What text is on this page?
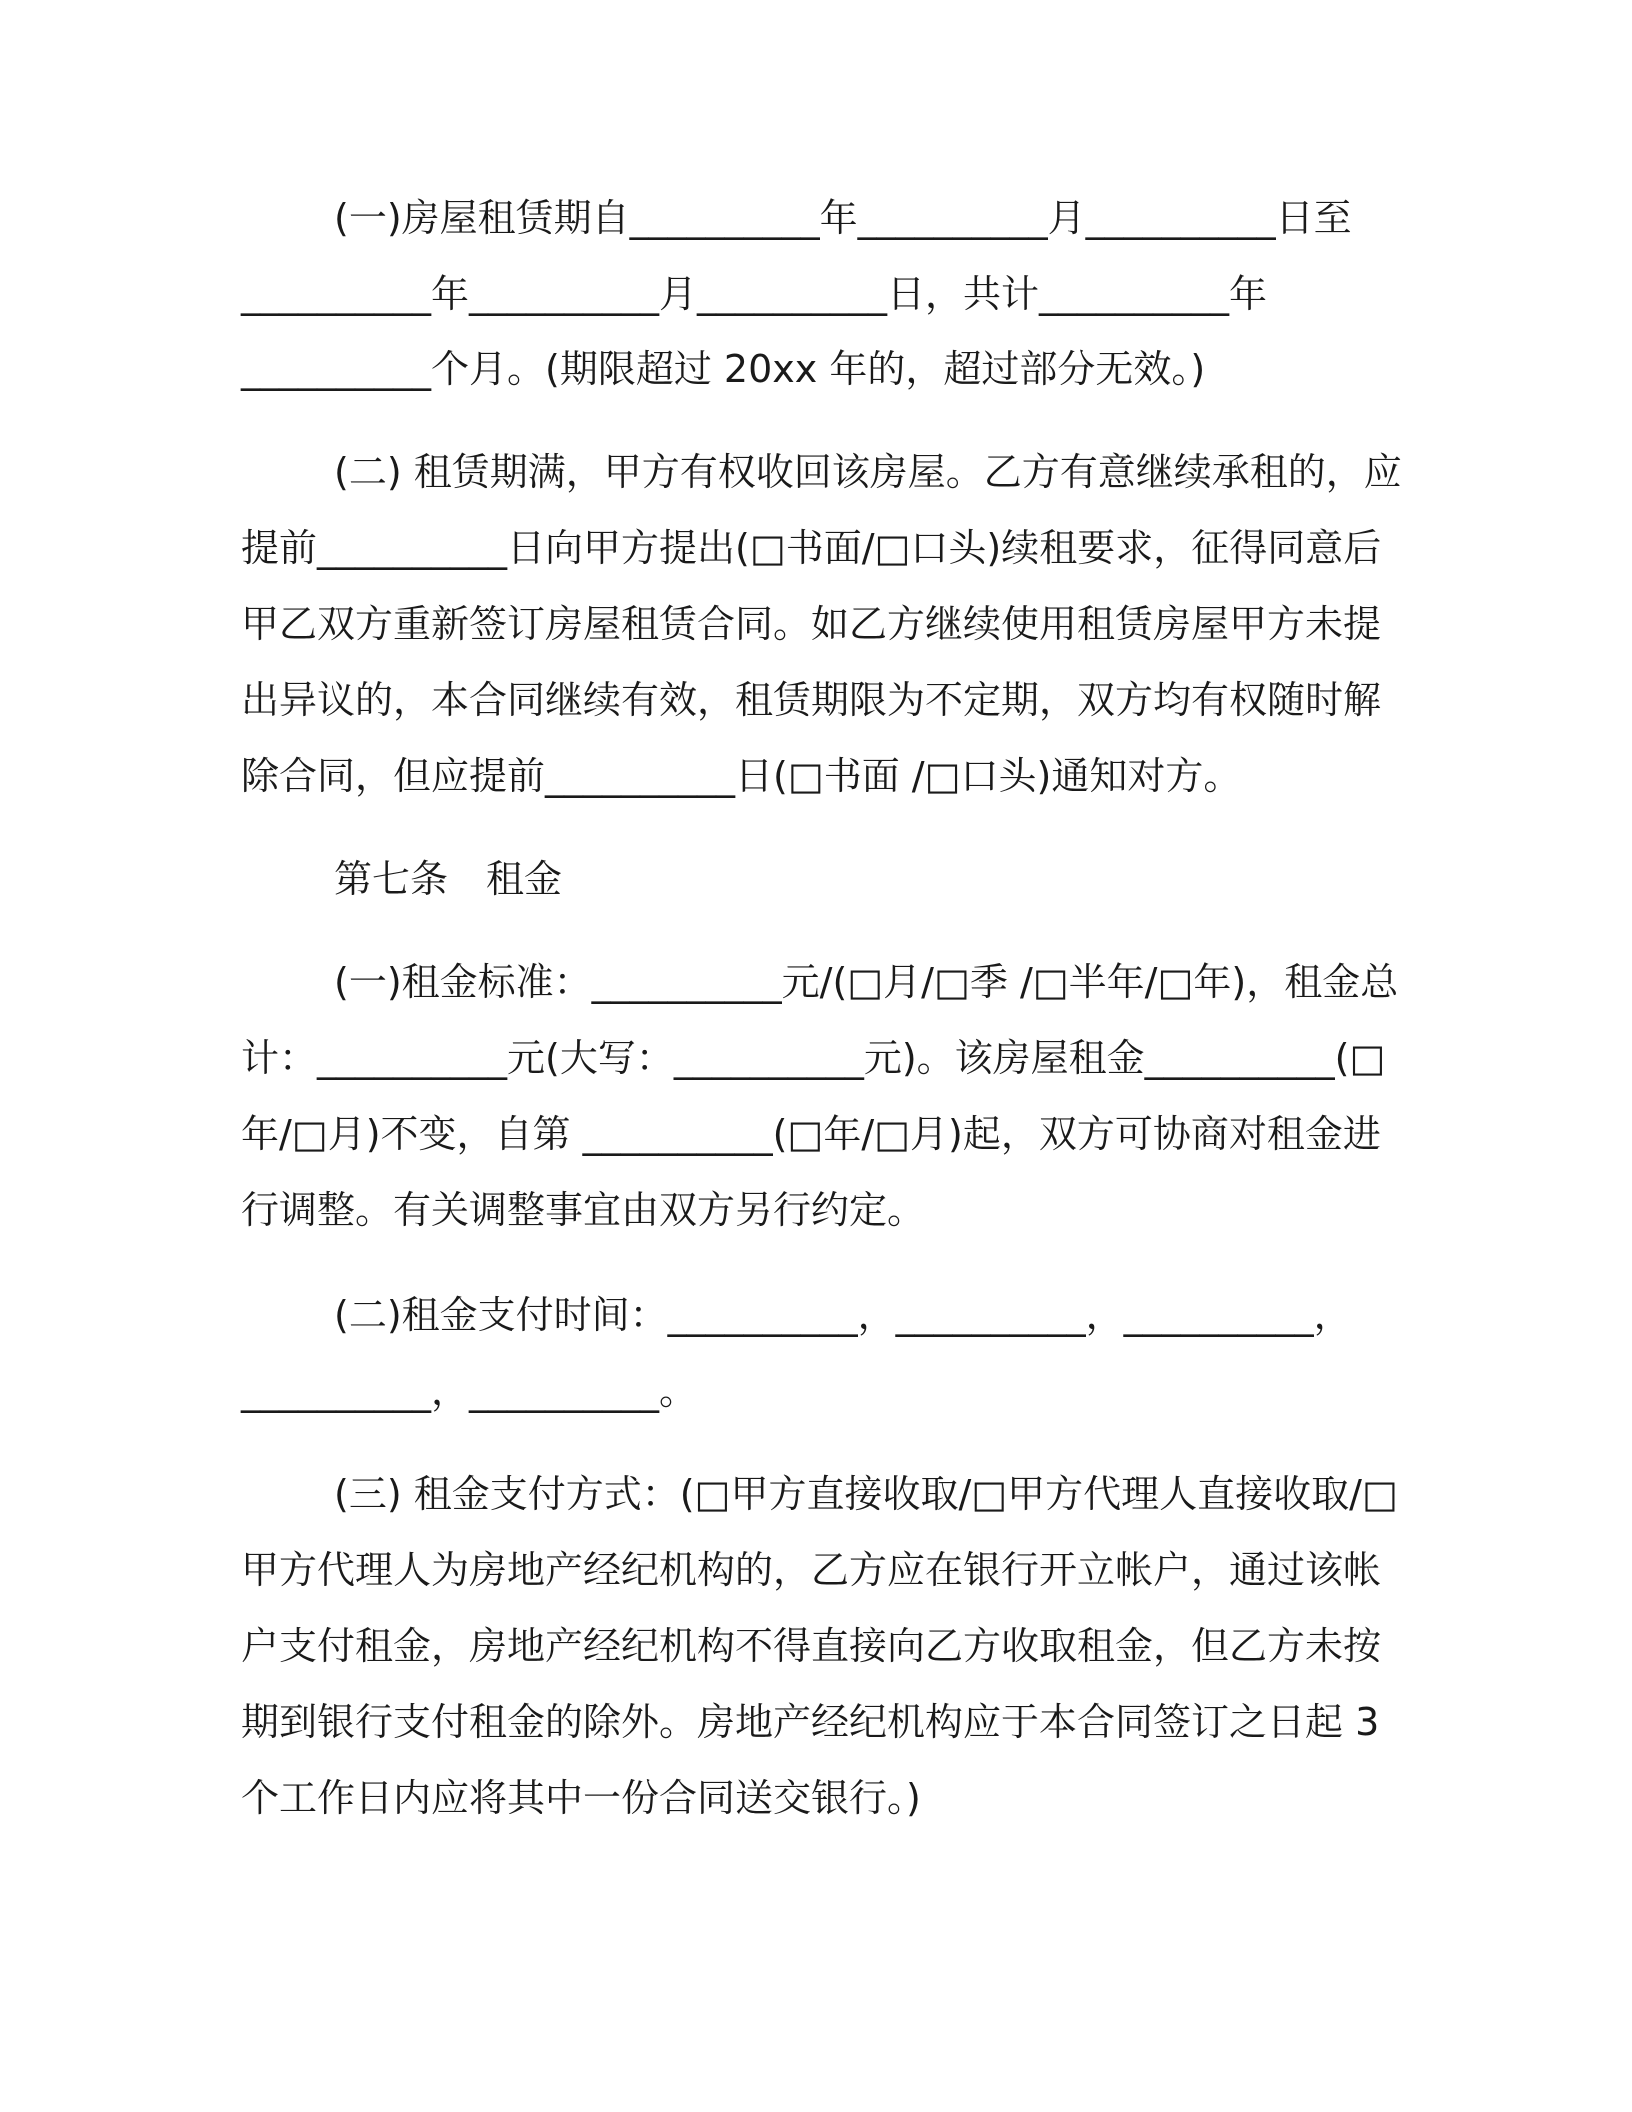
(一)房屋租赁期自__________年__________月__________日至
__________年__________月__________日，共计__________年
__________个月。(期限超过 20xx 年的，超过部分无效。)
(二) 租赁期满，甲方有权收回该房屋。乙方有意继续承租的，应
提前__________日向甲方提出(□书面/□口头)续租要求，征得同意后
甲乙双方重新签订房屋租赁合同。如乙方继续使用租赁房屋甲方未提
出异议的，本合同继续有效，租赁期限为不定期，双方均有权随时解
除合同，但应提前__________日(□书面 /□口头)通知对方。
第七条　租金
(一)租金标准：__________元/(□月/□季 /□半年/□年)，租金总
计：__________元(大写：__________元)。该房屋租金__________(□
年/□月)不变，自第 __________(□年/□月)起，双方可协商对租金进
行调整。有关调整事宜由双方另行约定。
(二)租金支付时间：__________，__________，__________，
__________，__________。
(三) 租金支付方式：(□甲方直接收取/□甲方代理人直接收取/□
甲方代理人为房地产经纪机构的，乙方应在银行开立帐户，通过该帐
户支付租金，房地产经纪机构不得直接向乙方收取租金，但乙方未按
期到银行支付租金的除外。房地产经纪机构应于本合同签订之日起 3
个工作日内应将其中一份合同送交银行。)
